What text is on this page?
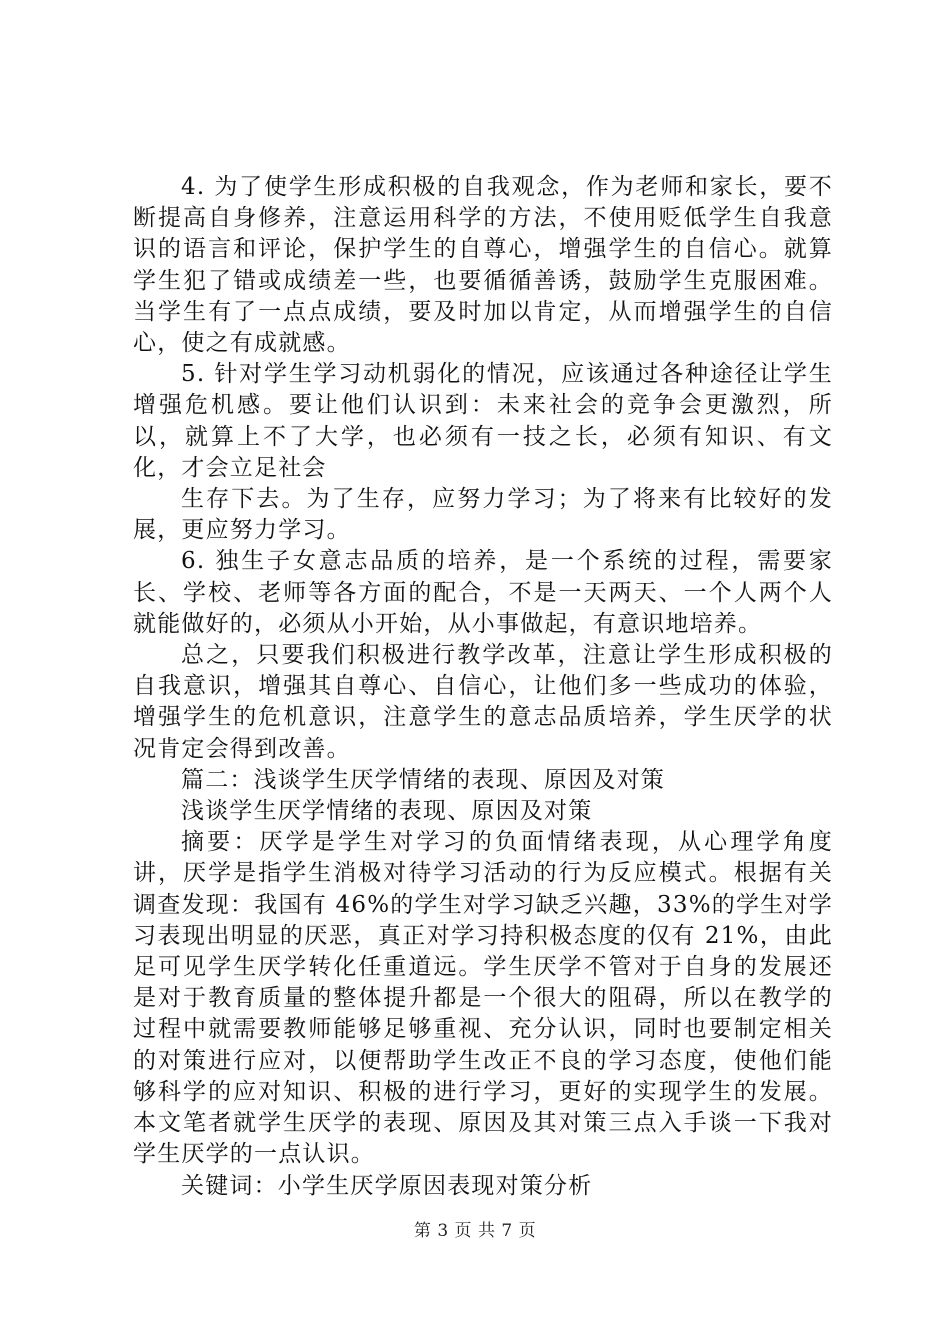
4. 为了使学生形成积极的自我观念，作为老师和家长，要不断提高自身修养，注意运用科学的方法，不使用贬低学生自我意识的语言和评论，保护学生的自尊心，增强学生的自信心。就算学生犯了错或成绩差一些，也要循循善诱，鼓励学生克服困难。当学生有了一点点成绩，要及时加以肯定，从而增强学生的自信心，使之有成就感。

5. 针对学生学习动机弱化的情况，应该通过各种途径让学生增强危机感。要让他们认识到：未来社会的竞争会更激烈，所以，就算上不了大学，也必须有一技之长，必须有知识、有文化，才会立足社会

生存下去。为了生存，应努力学习；为了将来有比较好的发展，更应努力学习。

6. 独生子女意志品质的培养，是一个系统的过程，需要家长、学校、老师等各方面的配合，不是一天两天、一个人两个人就能做好的，必须从小开始，从小事做起，有意识地培养。

总之，只要我们积极进行教学改革，注意让学生形成积极的自我意识，增强其自尊心、自信心，让他们多一些成功的体验，增强学生的危机意识，注意学生的意志品质培养，学生厌学的状况肯定会得到改善。

篇二：浅谈学生厌学情绪的表现、原因及对策

浅谈学生厌学情绪的表现、原因及对策

摘要：厌学是学生对学习的负面情绪表现，从心理学角度讲，厌学是指学生消极对待学习活动的行为反应模式。根据有关调查发现：我国有 46%的学生对学习缺乏兴趣，33%的学生对学习表现出明显的厌恶，真正对学习持积极态度的仅有 21%，由此足可见学生厌学转化任重道远。学生厌学不管对于自身的发展还是对于教育质量的整体提升都是一个很大的阻碍，所以在教学的过程中就需要教师能够足够重视、充分认识，同时也要制定相关的对策进行应对，以便帮助学生改正不良的学习态度，使他们能够科学的应对知识、积极的进行学习，更好的实现学生的发展。本文笔者就学生厌学的表现、原因及其对策三点入手谈一下我对学生厌学的一点认识。

关键词：小学生厌学原因表现对策分析

第 3 页 共 7 页
